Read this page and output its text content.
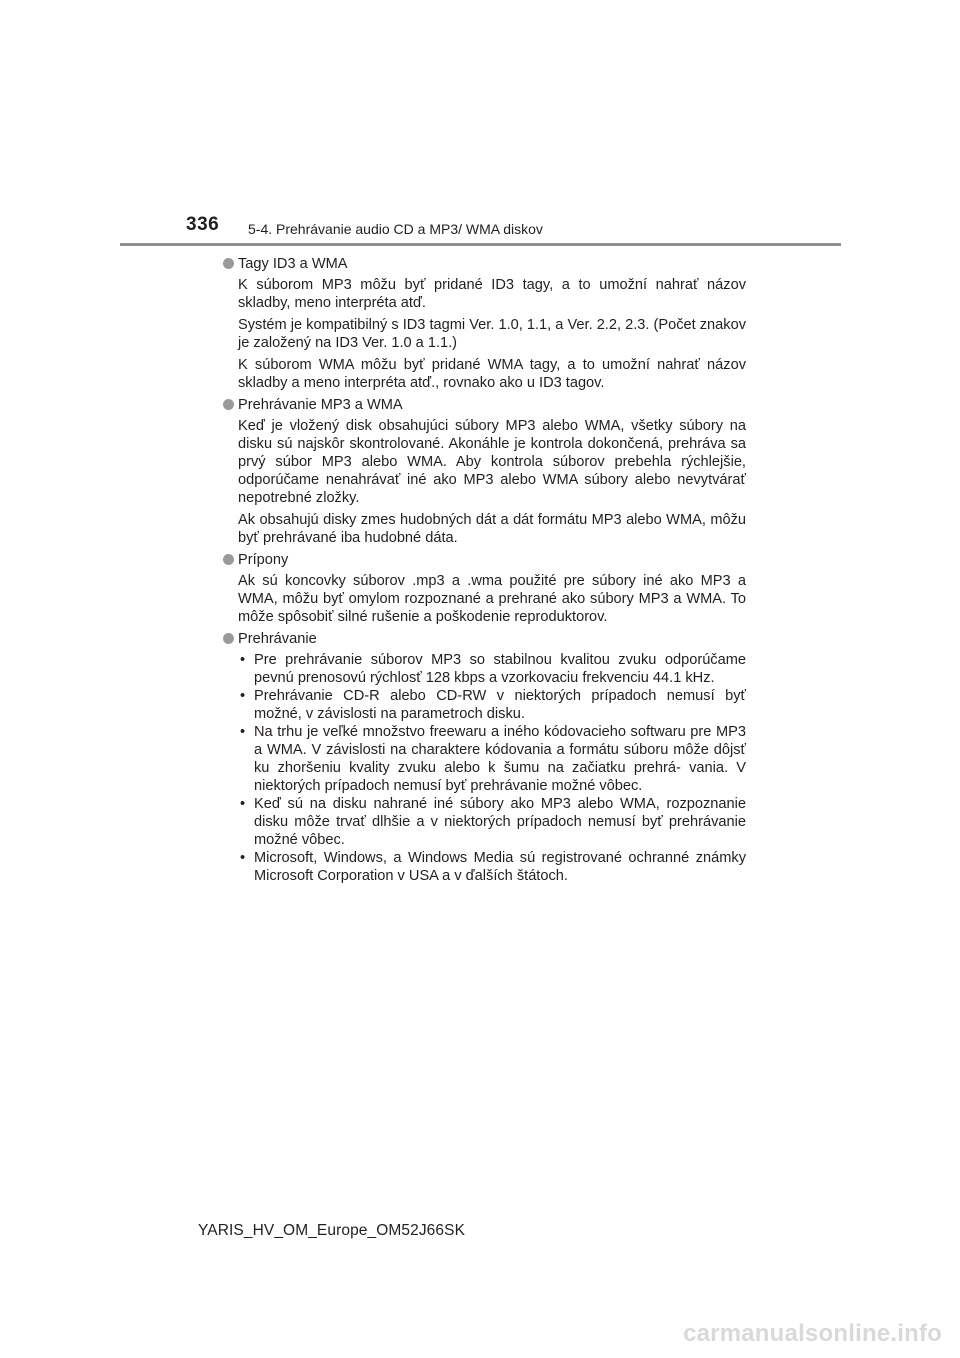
336 5-4. Prehrávanie audio CD a MP3/ WMA diskov
Tagy ID3 a WMA

K súborom MP3 môžu byť pridané ID3 tagy, a to umožní nahrať názov skladby, meno interpréta atď.

Systém je kompatibilný s ID3 tagmi Ver. 1.0, 1.1, a Ver. 2.2, 2.3. (Počet znakov je založený na ID3 Ver. 1.0 a 1.1.)

K súborom WMA môžu byť pridané WMA tagy, a to umožní nahrať názov skladby a meno interpréta atď., rovnako ako u ID3 tagov.

Prehrávanie MP3 a WMA

Keď je vložený disk obsahujúci súbory MP3 alebo WMA, všetky súbory na disku sú najskôr skontrolované. Akonáhle je kontrola dokončená, prehráva sa prvý súbor MP3 alebo WMA. Aby kontrola súborov prebehla rýchlejšie, odporúčame nenahrávať iné ako MP3 alebo WMA súbory alebo nevytvárať nepotrebné zložky.

Ak obsahujú disky zmes hudobných dát a dát formátu MP3 alebo WMA, môžu byť prehrávané iba hudobné dáta.

Prípony

Ak sú koncovky súborov .mp3 a .wma použité pre súbory iné ako MP3 a WMA, môžu byť omylom rozpoznané a prehrané ako súbory MP3 a WMA. To môže spôsobiť silné rušenie a poškodenie reproduktorov.

Prehrávanie
• Pre prehrávanie súborov MP3 so stabilnou kvalitou zvuku odporúčame pevnú prenosovú rýchlosť 128 kbps a vzorkovaciu frekvenciu 44.1 kHz.
• Prehrávanie CD-R alebo CD-RW v niektorých prípadoch nemusí byť možné, v závislosti na parametroch disku.
• Na trhu je veľké množstvo freewaru a iného kódovacieho softwaru pre MP3 a WMA. V závislosti na charaktere kódovania a formátu súboru môže dôjsť ku zhoršeniu kvality zvuku alebo k šumu na začiatku prehrá- vania. V niektorých prípadoch nemusí byť prehrávanie možné vôbec.
• Keď sú na disku nahrané iné súbory ako MP3 alebo WMA, rozpoznanie disku môže trvať dlhšie a v niektorých prípadoch nemusí byť prehrávanie možné vôbec.
• Microsoft, Windows, a Windows Media sú registrované ochranné známky Microsoft Corporation v USA a v ďalších štátoch.
YARIS_HV_OM_Europe_OM52J66SK
carmanualsonline.info
